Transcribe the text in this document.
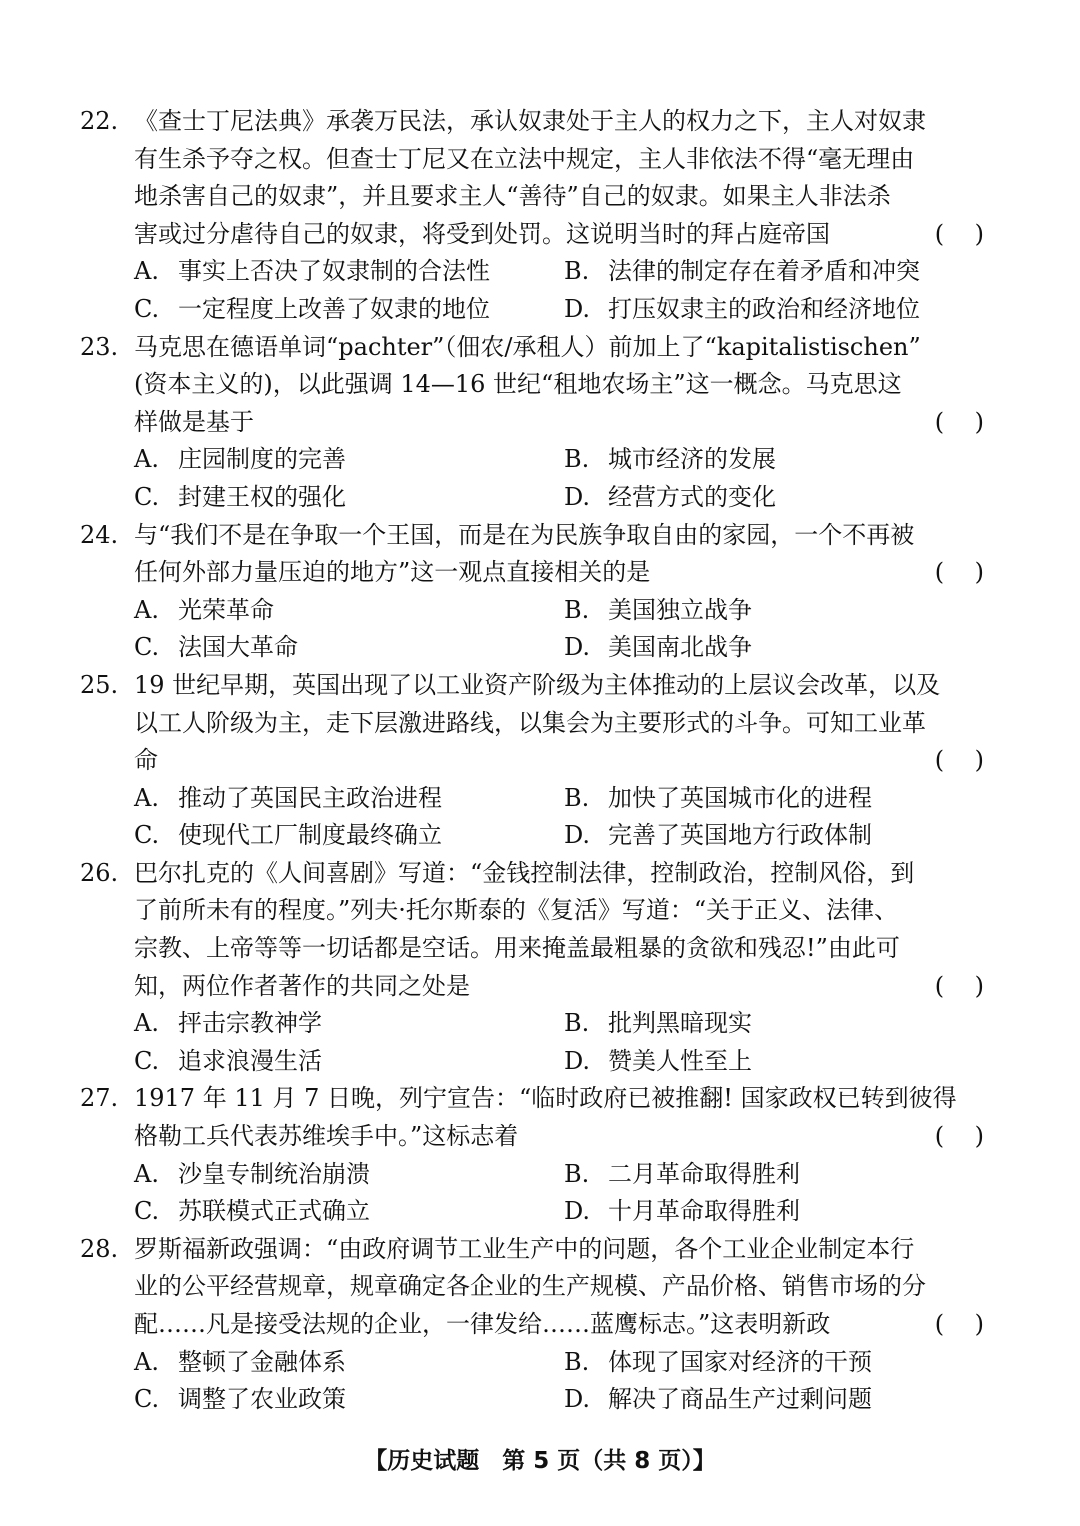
22. 《查士丁尼法典》承袭万民法，承认奴隶处于主人的权力之下，主人对奴隶
有生杀予夺之权。但查士丁尼又在立法中规定，主人非依法不得“毫无理由
地杀害自己的奴隶”，并且要求主人“善待”自己的奴隶。如果主人非法杀
害或过分虐待自己的奴隶，将受到处罚。这说明当时的拜占庭帝国	(    )
A. 事实上否决了奴隶制的合法性	B. 法律的制定存在着矛盾和冲突
C. 一定程度上改善了奴隶的地位	D. 打压奴隶主的政治和经济地位
23. 马克思在德语单词“pachter”（佃农/承租人）前加上了“kapitalistischen”
(资本主义的)，以此强调 14—16 世纪“租地农场主”这一概念。马克思这
样做是基于	(    )
A. 庄园制度的完善	B. 城市经济的发展
C. 封建王权的强化	D. 经营方式的变化
24. 与“我们不是在争取一个王国，而是在为民族争取自由的家园，一个不再被
任何外部力量压迫的地方”这一观点直接相关的是	(    )
A. 光荣革命	B. 美国独立战争
C. 法国大革命	D. 美国南北战争
25. 19 世纪早期，英国出现了以工业资产阶级为主体推动的上层议会改革，以及
以工人阶级为主，走下层激进路线，以集会为主要形式的斗争。可知工业革
命	(    )
A. 推动了英国民主政治进程	B. 加快了英国城市化的进程
C. 使现代工厂制度最终确立	D. 完善了英国地方行政体制
26. 巴尔扎克的《人间喜剧》写道：“金钱控制法律，控制政治，控制风俗，到
了前所未有的程度。”列夫·托尔斯泰的《复活》写道：“关于正义、法律、
宗教、上帝等等一切话都是空话。用来掩盖最粗暴的贪欲和残忍!”由此可
知，两位作者著作的共同之处是	(    )
A. 抨击宗教神学	B. 批判黑暗现实
C. 追求浪漫生活	D. 赞美人性至上
27. 1917 年 11 月 7 日晚，列宁宣告：“临时政府已被推翻! 国家政权已转到彼得
格勒工兵代表苏维埃手中。”这标志着	(    )
A. 沙皇专制统治崩溃	B. 二月革命取得胜利
C. 苏联模式正式确立	D. 十月革命取得胜利
28. 罗斯福新政强调：“由政府调节工业生产中的问题，各个工业企业制定本行
业的公平经营规章，规章确定各企业的生产规模、产品价格、销售市场的分
配……凡是接受法规的企业，一律发给……蓝鹰标志。”这表明新政	(    )
A. 整顿了金融体系	B. 体现了国家对经济的干预
C. 调整了农业政策	D. 解决了商品生产过剩问题
【历史试题　第 5 页（共 8 页）】
